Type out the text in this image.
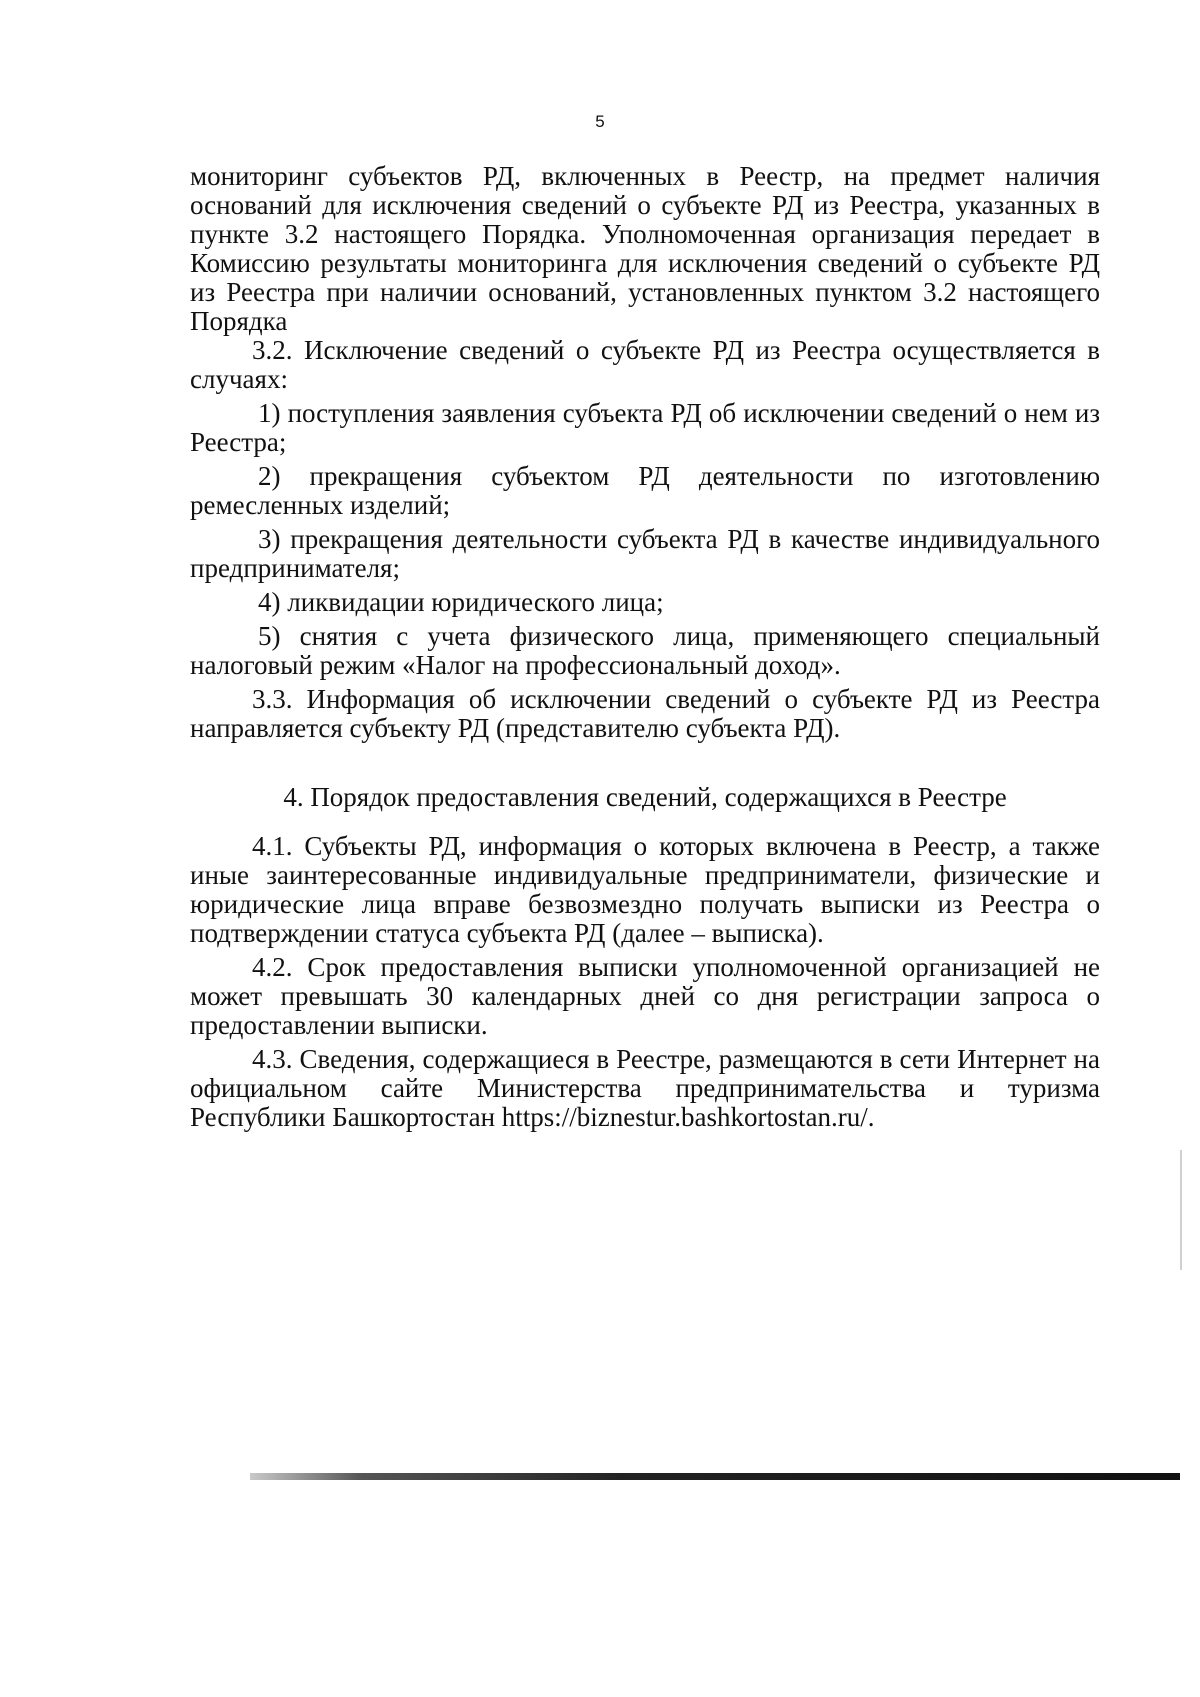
5

мониторинг субъектов РД, включенных в Реестр, на предмет наличия оснований для исключения сведений о субъекте РД из Реестра, указанных в пункте 3.2 настоящего Порядка. Уполномоченная организация передает в Комиссию результаты мониторинга для исключения сведений о субъекте РД из Реестра при наличии оснований, установленных пунктом 3.2 настоящего Порядка

3.2. Исключение сведений о субъекте РД из Реестра осуществляется в случаях:

1) поступления заявления субъекта РД об исключении сведений о нем из Реестра;

2) прекращения субъектом РД деятельности по изготовлению ремесленных изделий;

3) прекращения деятельности субъекта РД в качестве индивидуального предпринимателя;

4) ликвидации юридического лица;

5) снятия с учета физического лица, применяющего специальный налоговый режим «Налог на профессиональный доход».

3.3. Информация об исключении сведений о субъекте РД из Реестра направляется субъекту РД (представителю субъекта РД).

4. Порядок предоставления сведений, содержащихся в Реестре

4.1. Субъекты РД, информация о которых включена в Реестр, а также иные заинтересованные индивидуальные предприниматели, физические и юридические лица вправе безвозмездно получать выписки из Реестра о подтверждении статуса субъекта РД (далее – выписка).

4.2. Срок предоставления выписки уполномоченной организацией не может превышать 30 календарных дней со дня регистрации запроса о предоставлении выписки.

4.3. Сведения, содержащиеся в Реестре, размещаются в сети Интернет на официальном сайте Министерства предпринимательства и туризма Республики Башкортостан https://biznestur.bashkortostan.ru/.
